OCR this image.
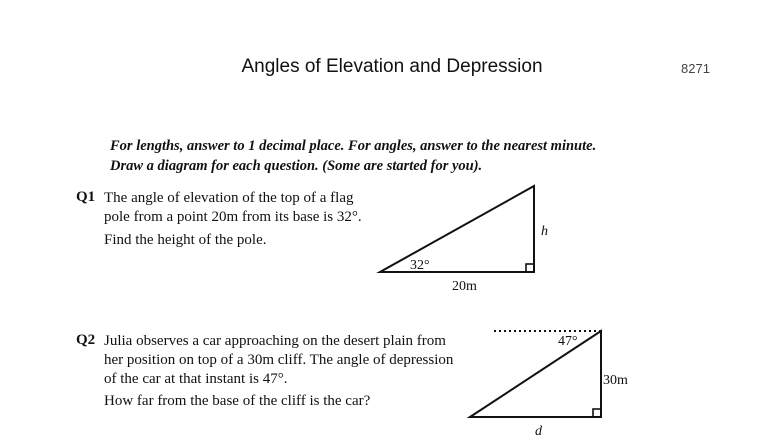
Angles of Elevation and Depression	8271
For lengths, answer to 1 decimal place. For angles, answer to the nearest minute.
Draw a diagram for each question. (Some are started for you).
Q1 The angle of elevation of the top of a flag
pole from a point 20m from its base is 32°.
Find the height of the pole.
32°
20m
h
Q2 Julia observes a car approaching on the desert plain from
her position on top of a 30m cliff. The angle of depression
of the car at that instant is 47°.
How far from the base of the cliff is the car?
47°
30m
d
